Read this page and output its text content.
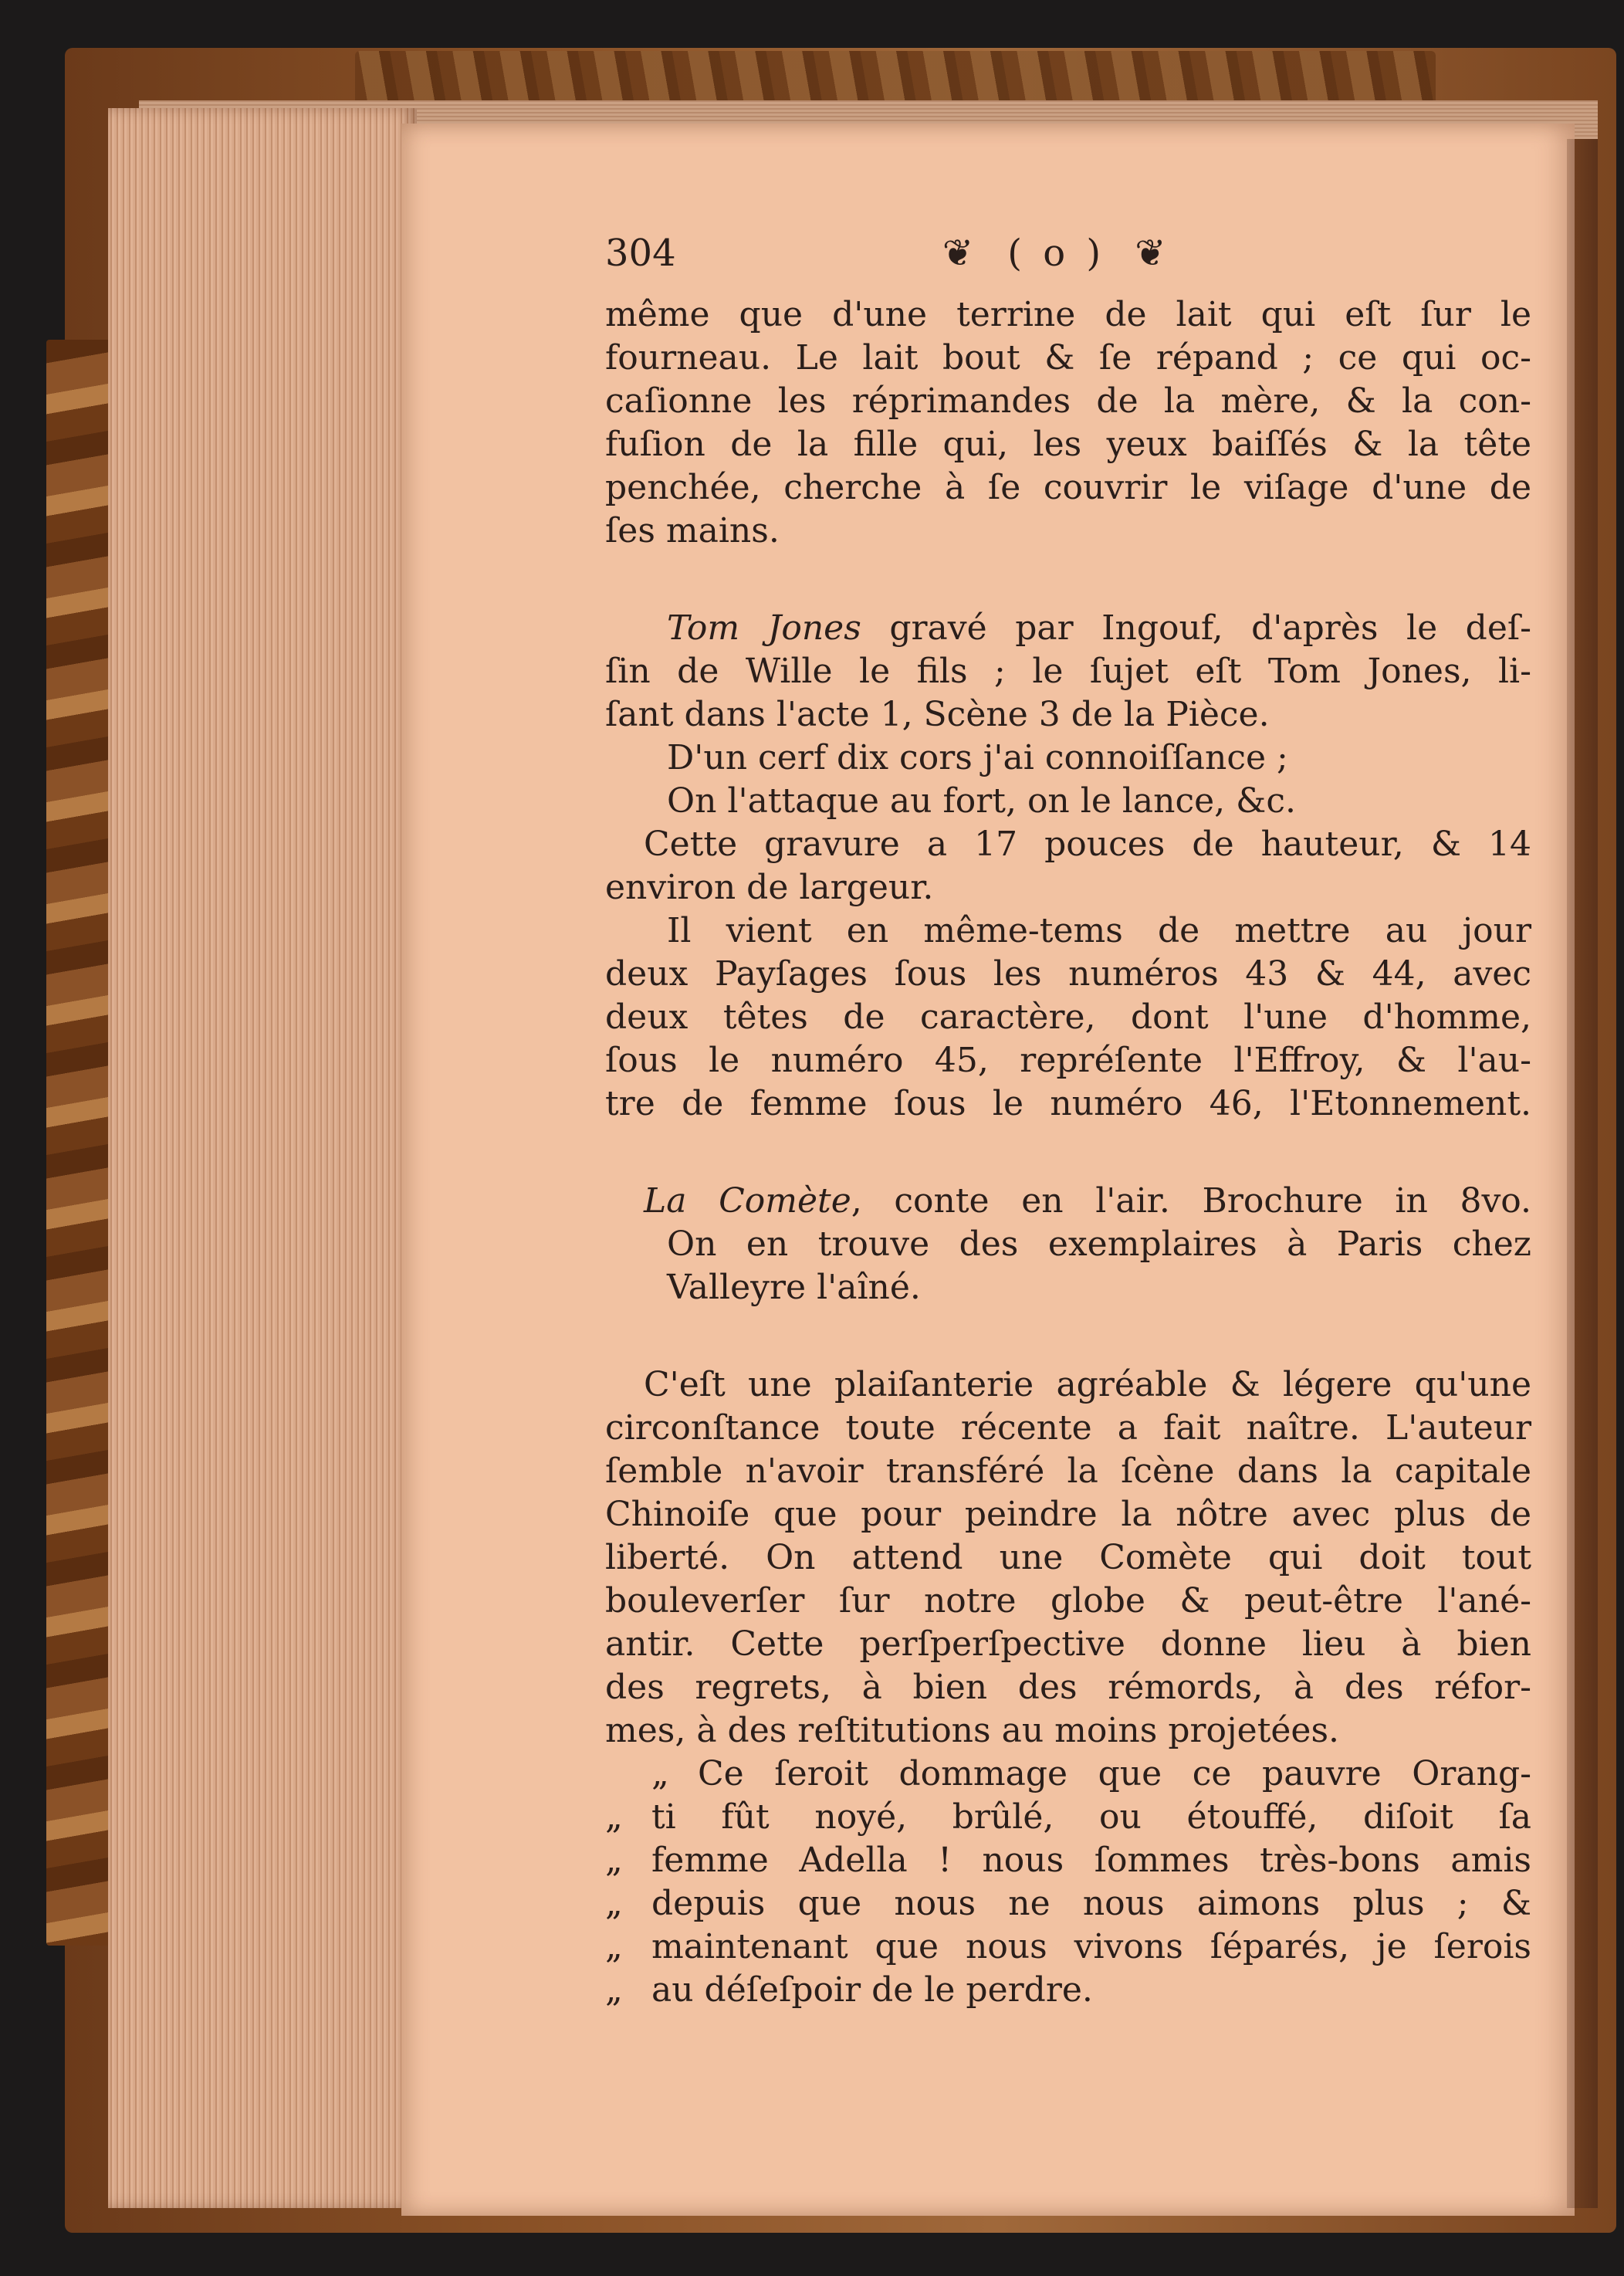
304	❦ ( o ) ❦
même que d'une terrine de lait qui eſt ſur le
fourneau. Le lait bout & ſe répand ; ce qui oc-
caſionne les réprimandes de la mère, & la con-
fuſion de la fille qui, les yeux baiſſés & la tête
penchée, cherche à ſe couvrir le viſage d'une de
ſes mains.
Tom Jones gravé par Ingouf, d'après le deſ-
ſin de Wille le fils ; le ſujet eſt Tom Jones, li-
ſant dans l'acte 1, Scène 3 de la Pièce.
D'un cerf dix cors j'ai connoiſſance ;
On l'attaque au fort, on le lance, &c.
Cette gravure a 17 pouces de hauteur, & 14
environ de largeur.
Il vient en même-tems de mettre au jour
deux Payſages ſous les numéros 43 & 44, avec
deux têtes de caractère, dont l'une d'homme,
ſous le numéro 45, repréſente l'Effroy, & l'au-
tre de femme ſous le numéro 46, l'Etonnement.
La Comète, conte en l'air. Brochure in 8vo.
On en trouve des exemplaires à Paris chez
Valleyre l'aîné.
C'eſt une plaiſanterie agréable & légere qu'une
circonſtance toute récente a fait naître. L'auteur
ſemble n'avoir transféré la ſcène dans la capitale
Chinoiſe que pour peindre la nôtre avec plus de
liberté. On attend une Comète qui doit tout
bouleverſer ſur notre globe & peut-être l'ané-
antir. Cette perſperſpective donne lieu à bien
des regrets, à bien des rémords, à des réfor-
mes, à des reſtitutions au moins projetées.
„ Ce ſeroit dommage que ce pauvre Orang-
„ ti fût noyé, brûlé, ou étouffé, diſoit ſa
„ femme Adella ! nous ſommes très-bons amis
„ depuis que nous ne nous aimons plus ; &
„ maintenant que nous vivons ſéparés, je ſerois
„ au déſeſpoir de le perdre.
